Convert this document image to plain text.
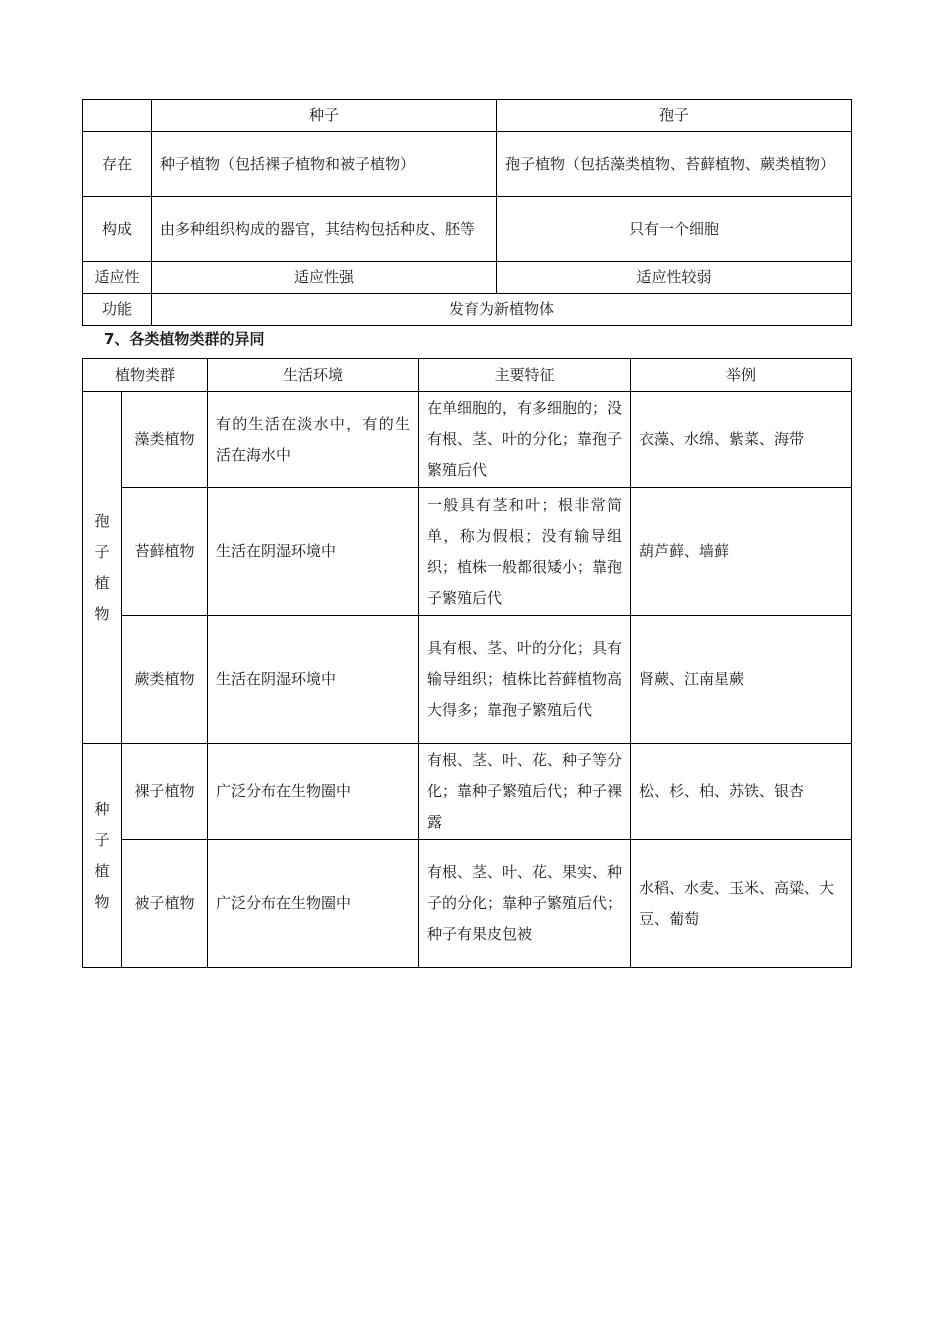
	种子	孢子
存在	种子植物（包括裸子植物和被子植物）	孢子植物（包括藻类植物、苔藓植物、蕨类植物）
构成	由多种组织构成的器官，其结构包括种皮、胚等	只有一个细胞
适应性	适应性强	适应性较弱
功能	发育为新植物体	
7、各类植物类群的异同
植物类群		生活环境	主要特征	举例

孢子植物	藻类植物	有的生活在淡水中，有的生活在海水中	在单细胞的，有多细胞的；没有根、茎、叶的分化；靠孢子繁殖后代	衣藻、水绵、紫菜、海带
	苔藓植物	生活在阴湿环境中	一般具有茎和叶；根非常简单，称为假根；没有输导组织；植株一般都很矮小；靠孢子繁殖后代	葫芦藓、墙藓
	蕨类植物	生活在阴湿环境中	具有根、茎、叶的分化；具有输导组织；植株比苔藓植物高大得多；靠孢子繁殖后代	肾蕨、江南星蕨

种子植物	裸子植物	广泛分布在生物圈中	有根、茎、叶、花、种子等分化；靠种子繁殖后代；种子裸露	松、杉、柏、苏铁、银杏
	被子植物	广泛分布在生物圈中	有根、茎、叶、花、果实、种子的分化；靠种子繁殖后代；种子有果皮包被	水稻、水麦、玉米、高粱、大豆、葡萄
